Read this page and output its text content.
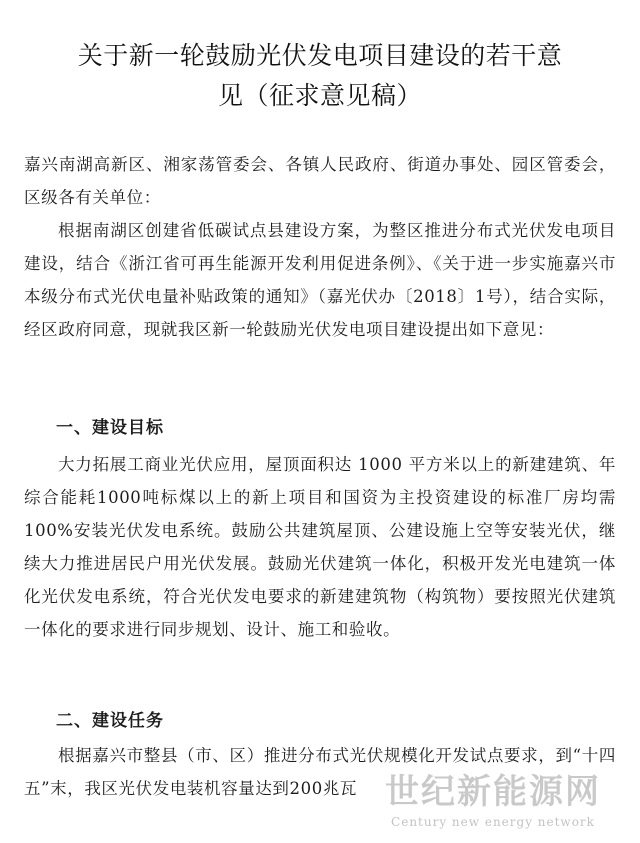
关于新一轮鼓励光伏发电项目建设的若干意
见（征求意见稿）

嘉兴南湖高新区、湘家荡管委会、各镇人民政府、街道办事处、园区管委会，区级各有关单位：

根据南湖区创建省低碳试点县建设方案，为整区推进分布式光伏发电项目建设，结合《浙江省可再生能源开发利用促进条例》、《关于进一步实施嘉兴市本级分布式光伏电量补贴政策的通知》（嘉光伏办〔2018〕1号），结合实际，经区政府同意，现就我区新一轮鼓励光伏发电项目建设提出如下意见：

一、建设目标

大力拓展工商业光伏应用，屋顶面积达 1000 平方米以上的新建建筑、年综合能耗1000吨标煤以上的新上项目和国资为主投资建设的标准厂房均需 100%安装光伏发电系统。鼓励公共建筑屋顶、公建设施上空等安装光伏，继续大力推进居民户用光伏发展。鼓励光伏建筑一体化，积极开发光电建筑一体化光伏发电系统，符合光伏发电要求的新建建筑物（构筑物）要按照光伏建筑一体化的要求进行同步规划、设计、施工和验收。

二、建设任务

根据嘉兴市整县（市、区）推进分布式光伏规模化开发试点要求，到“十四五”末，我区光伏发电装机容量达到200兆瓦 世纪新能源网
Century new energy network
